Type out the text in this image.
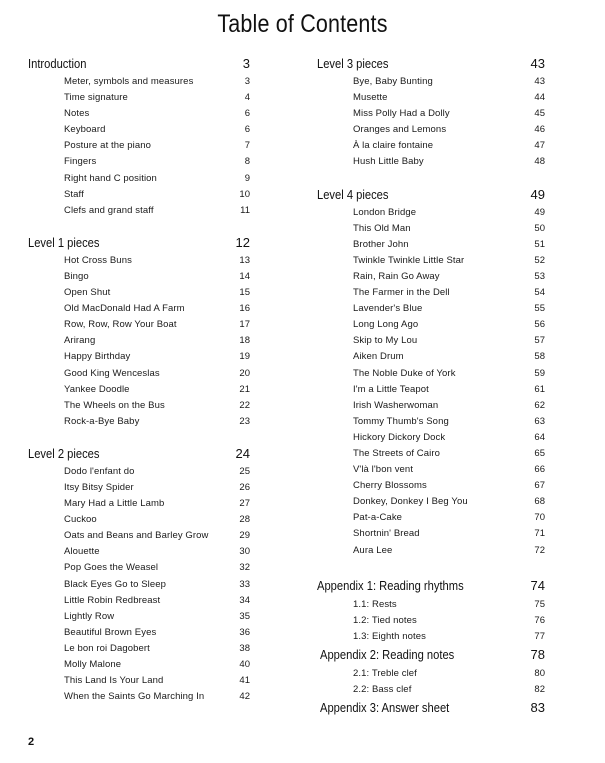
Table of Contents
Introduction	3
Meter, symbols and measures	3
Time signature	4
Notes	6
Keyboard	6
Posture at the piano	7
Fingers	8
Right hand C position	9
Staff	10
Clefs and grand staff	11
Level 1 pieces	12
Hot Cross Buns	13
Bingo	14
Open Shut	15
Old MacDonald Had A Farm	16
Row, Row, Row Your Boat	17
Arirang	18
Happy Birthday	19
Good King Wenceslas	20
Yankee Doodle	21
The Wheels on the Bus	22
Rock-a-Bye Baby	23
Level 2 pieces	24
Dodo l'enfant do	25
Itsy Bitsy Spider	26
Mary Had a Little Lamb	27
Cuckoo	28
Oats and Beans and Barley Grow	29
Alouette	30
Pop Goes the Weasel	32
Black Eyes Go to Sleep	33
Little Robin Redbreast	34
Lightly Row	35
Beautiful Brown Eyes	36
Le bon roi Dagobert	38
Molly Malone	40
This Land Is Your Land	41
When the Saints Go Marching In	42
Level 3 pieces	43
Bye, Baby Bunting	43
Musette	44
Miss Polly Had a Dolly	45
Oranges and Lemons	46
À la claire fontaine	47
Hush Little Baby	48
Level 4 pieces	49
London Bridge	49
This Old Man	50
Brother John	51
Twinkle Twinkle Little Star	52
Rain, Rain Go Away	53
The Farmer in the Dell	54
Lavender's Blue	55
Long Long Ago	56
Skip to My Lou	57
Aiken Drum	58
The Noble Duke of York	59
I'm a Little Teapot	61
Irish Washerwoman	62
Tommy Thumb's Song	63
Hickory Dickory Dock	64
The Streets of Cairo	65
V'là l'bon vent	66
Cherry Blossoms	67
Donkey, Donkey I Beg You	68
Pat-a-Cake	70
Shortnin' Bread	71
Aura Lee	72
Appendix 1: Reading rhythms	74
1.1: Rests	75
1.2: Tied notes	76
1.3: Eighth notes	77
Appendix 2: Reading notes	78
2.1: Treble clef	80
2.2: Bass clef	82
Appendix 3: Answer sheet	83
2
